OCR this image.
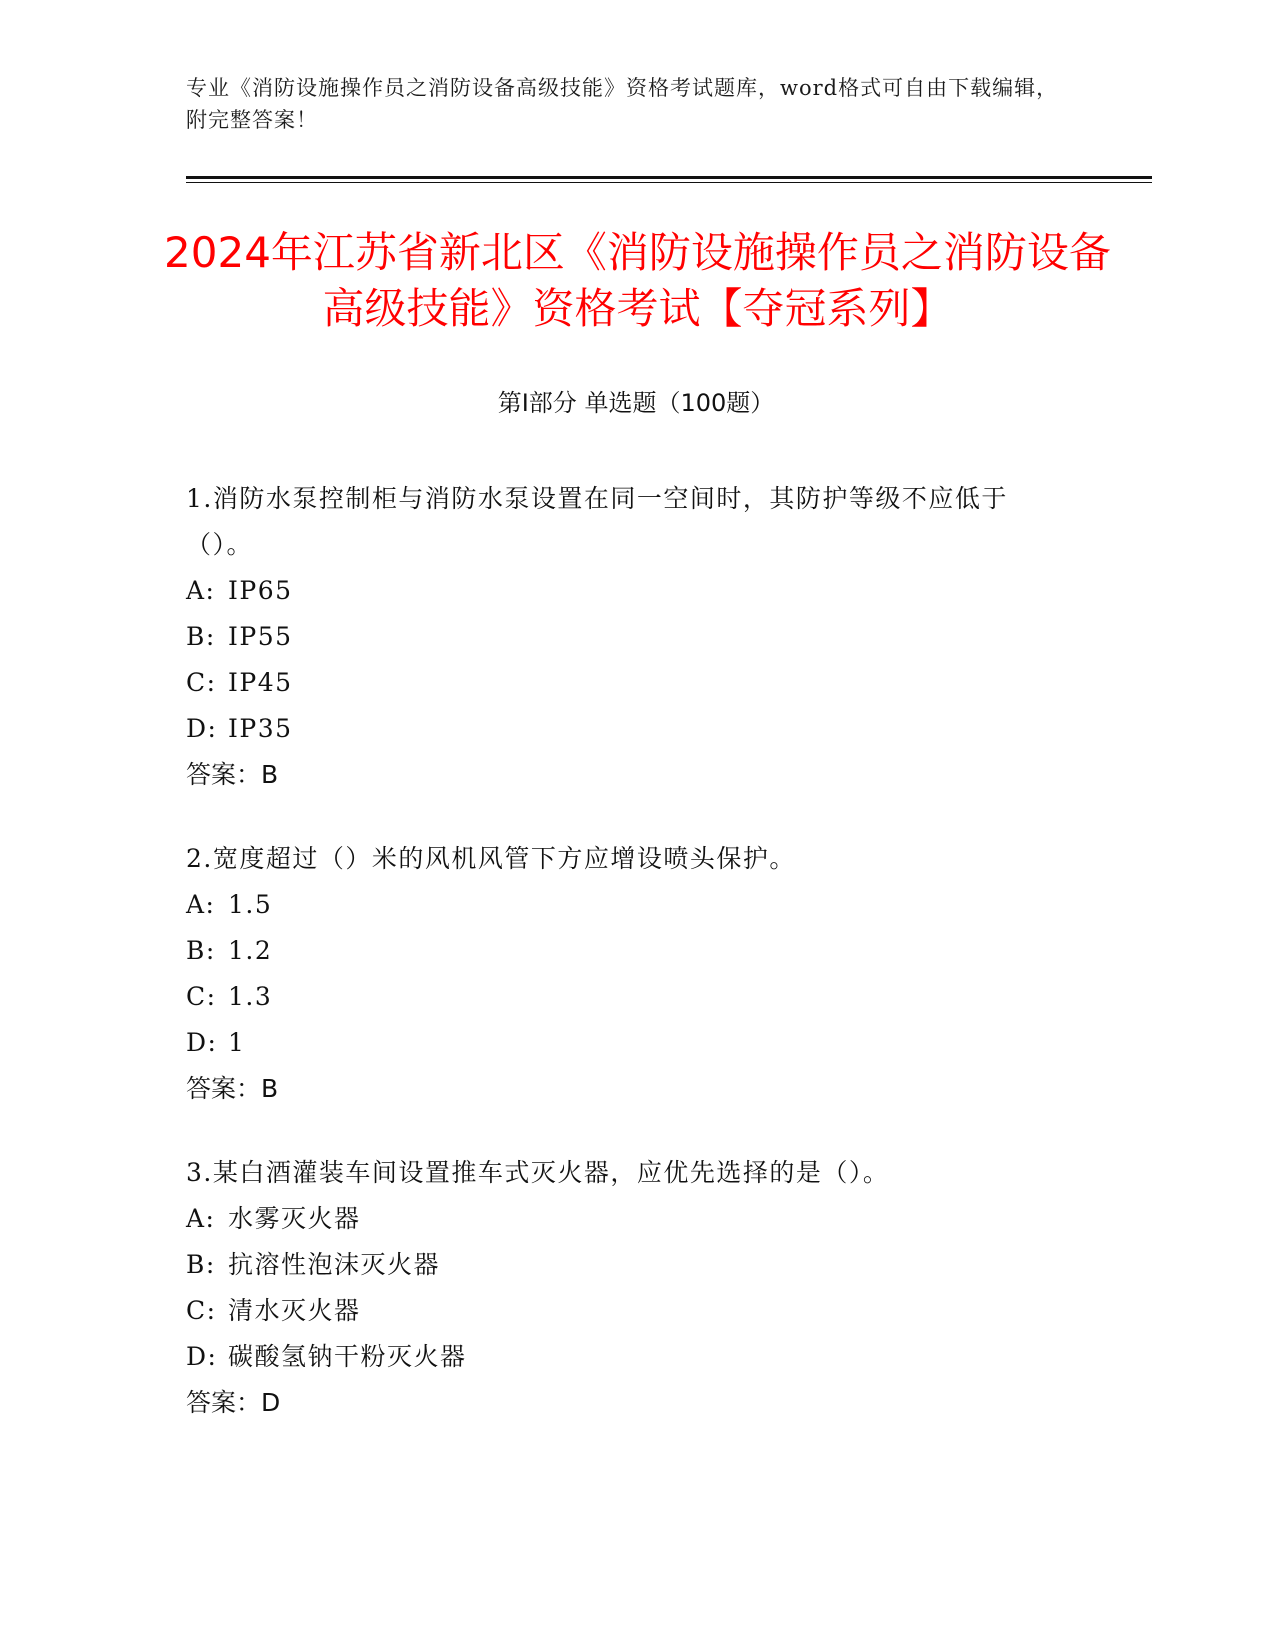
专业《消防设施操作员之消防设备高级技能》资格考试题库，word格式可自由下载编辑，附完整答案！
2024年江苏省新北区《消防设施操作员之消防设备高级技能》资格考试【夺冠系列】
第I部分 单选题（100题）
1.消防水泵控制柜与消防水泵设置在同一空间时，其防护等级不应低于（）。
A: IP65
B: IP55
C: IP45
D: IP35
答案：B
2.宽度超过（）米的风机风管下方应增设喷头保护。
A: 1.5
B: 1.2
C: 1.3
D: 1
答案：B
3.某白酒灌装车间设置推车式灭火器，应优先选择的是（）。
A: 水雾灭火器
B: 抗溶性泡沫灭火器
C: 清水灭火器
D: 碳酸氢钠干粉灭火器
答案：D
